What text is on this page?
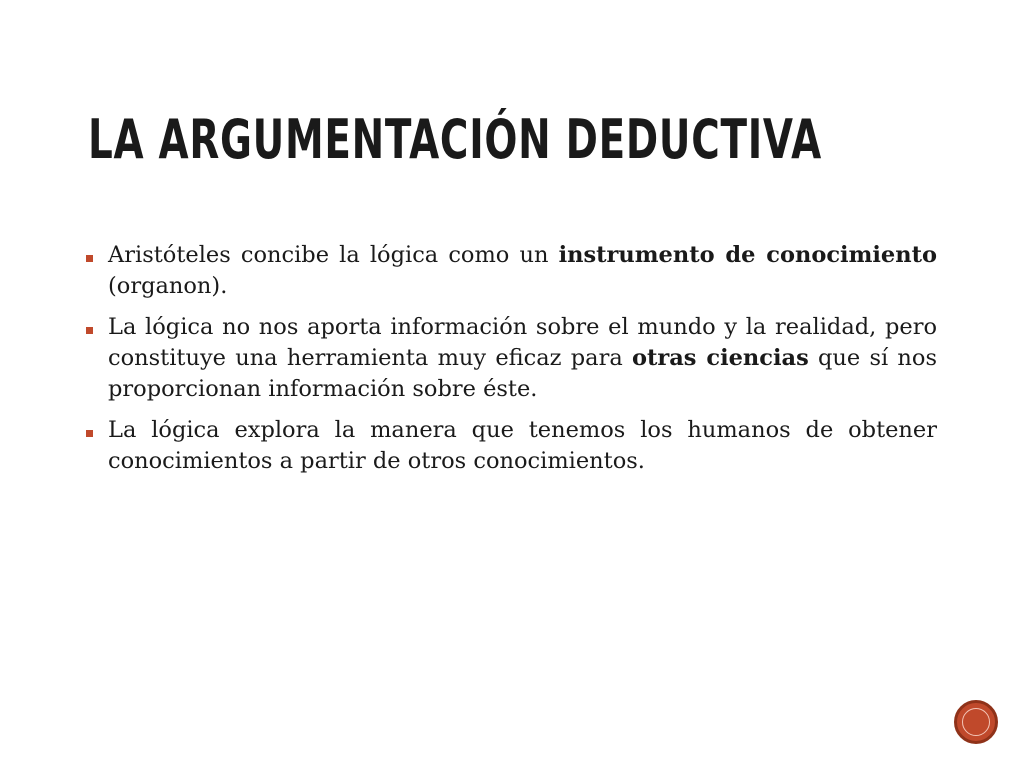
LA ARGUMENTACIÓN DEDUCTIVA
Aristóteles concibe la lógica como un instrumento de conocimiento (organon).
La lógica no nos aporta información sobre el mundo y la realidad, pero constituye una herramienta muy eficaz para otras ciencias que sí nos proporcionan información sobre éste.
La lógica explora la manera que tenemos los humanos de obtener conocimientos a partir de otros conocimientos.
